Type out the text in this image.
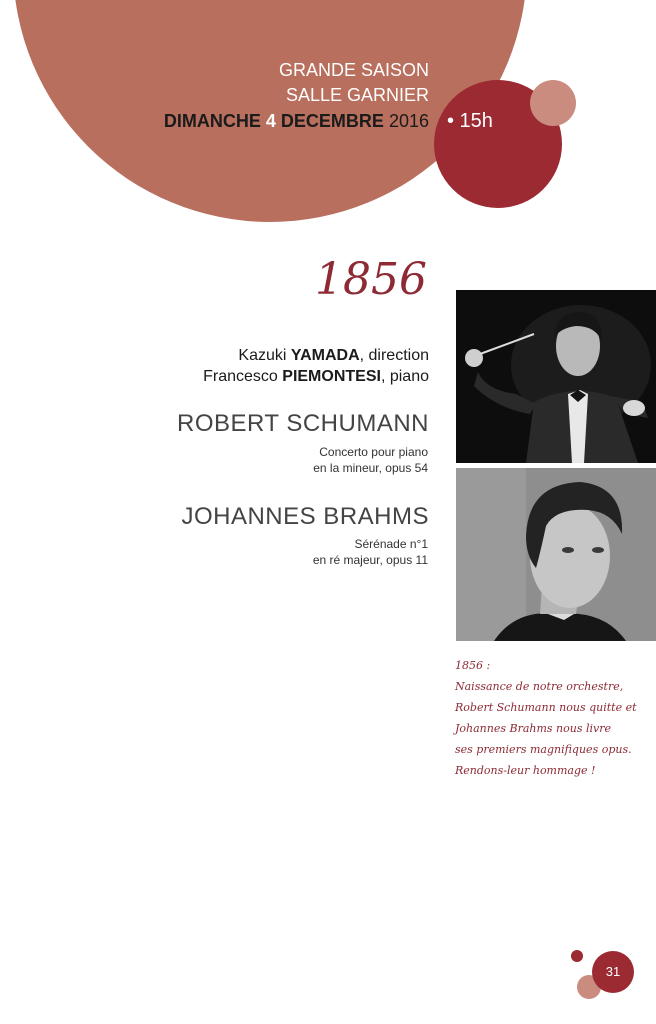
GRANDE SAISON
SALLE GARNIER
DIMANCHE 4 DECEMBRE 2016 • 15h
1856
Kazuki YAMADA, direction
Francesco PIEMONTESI, piano
ROBERT SCHUMANN
Concerto pour piano
en la mineur, opus 54
JOHANNES BRAHMS
Sérénade n°1
en ré majeur, opus 11
1856 :
Naissance de notre orchestre,
Robert Schumann nous quitte et
Johannes Brahms nous livre
ses premiers magnifiques opus.
Rendons-leur hommage !
31
